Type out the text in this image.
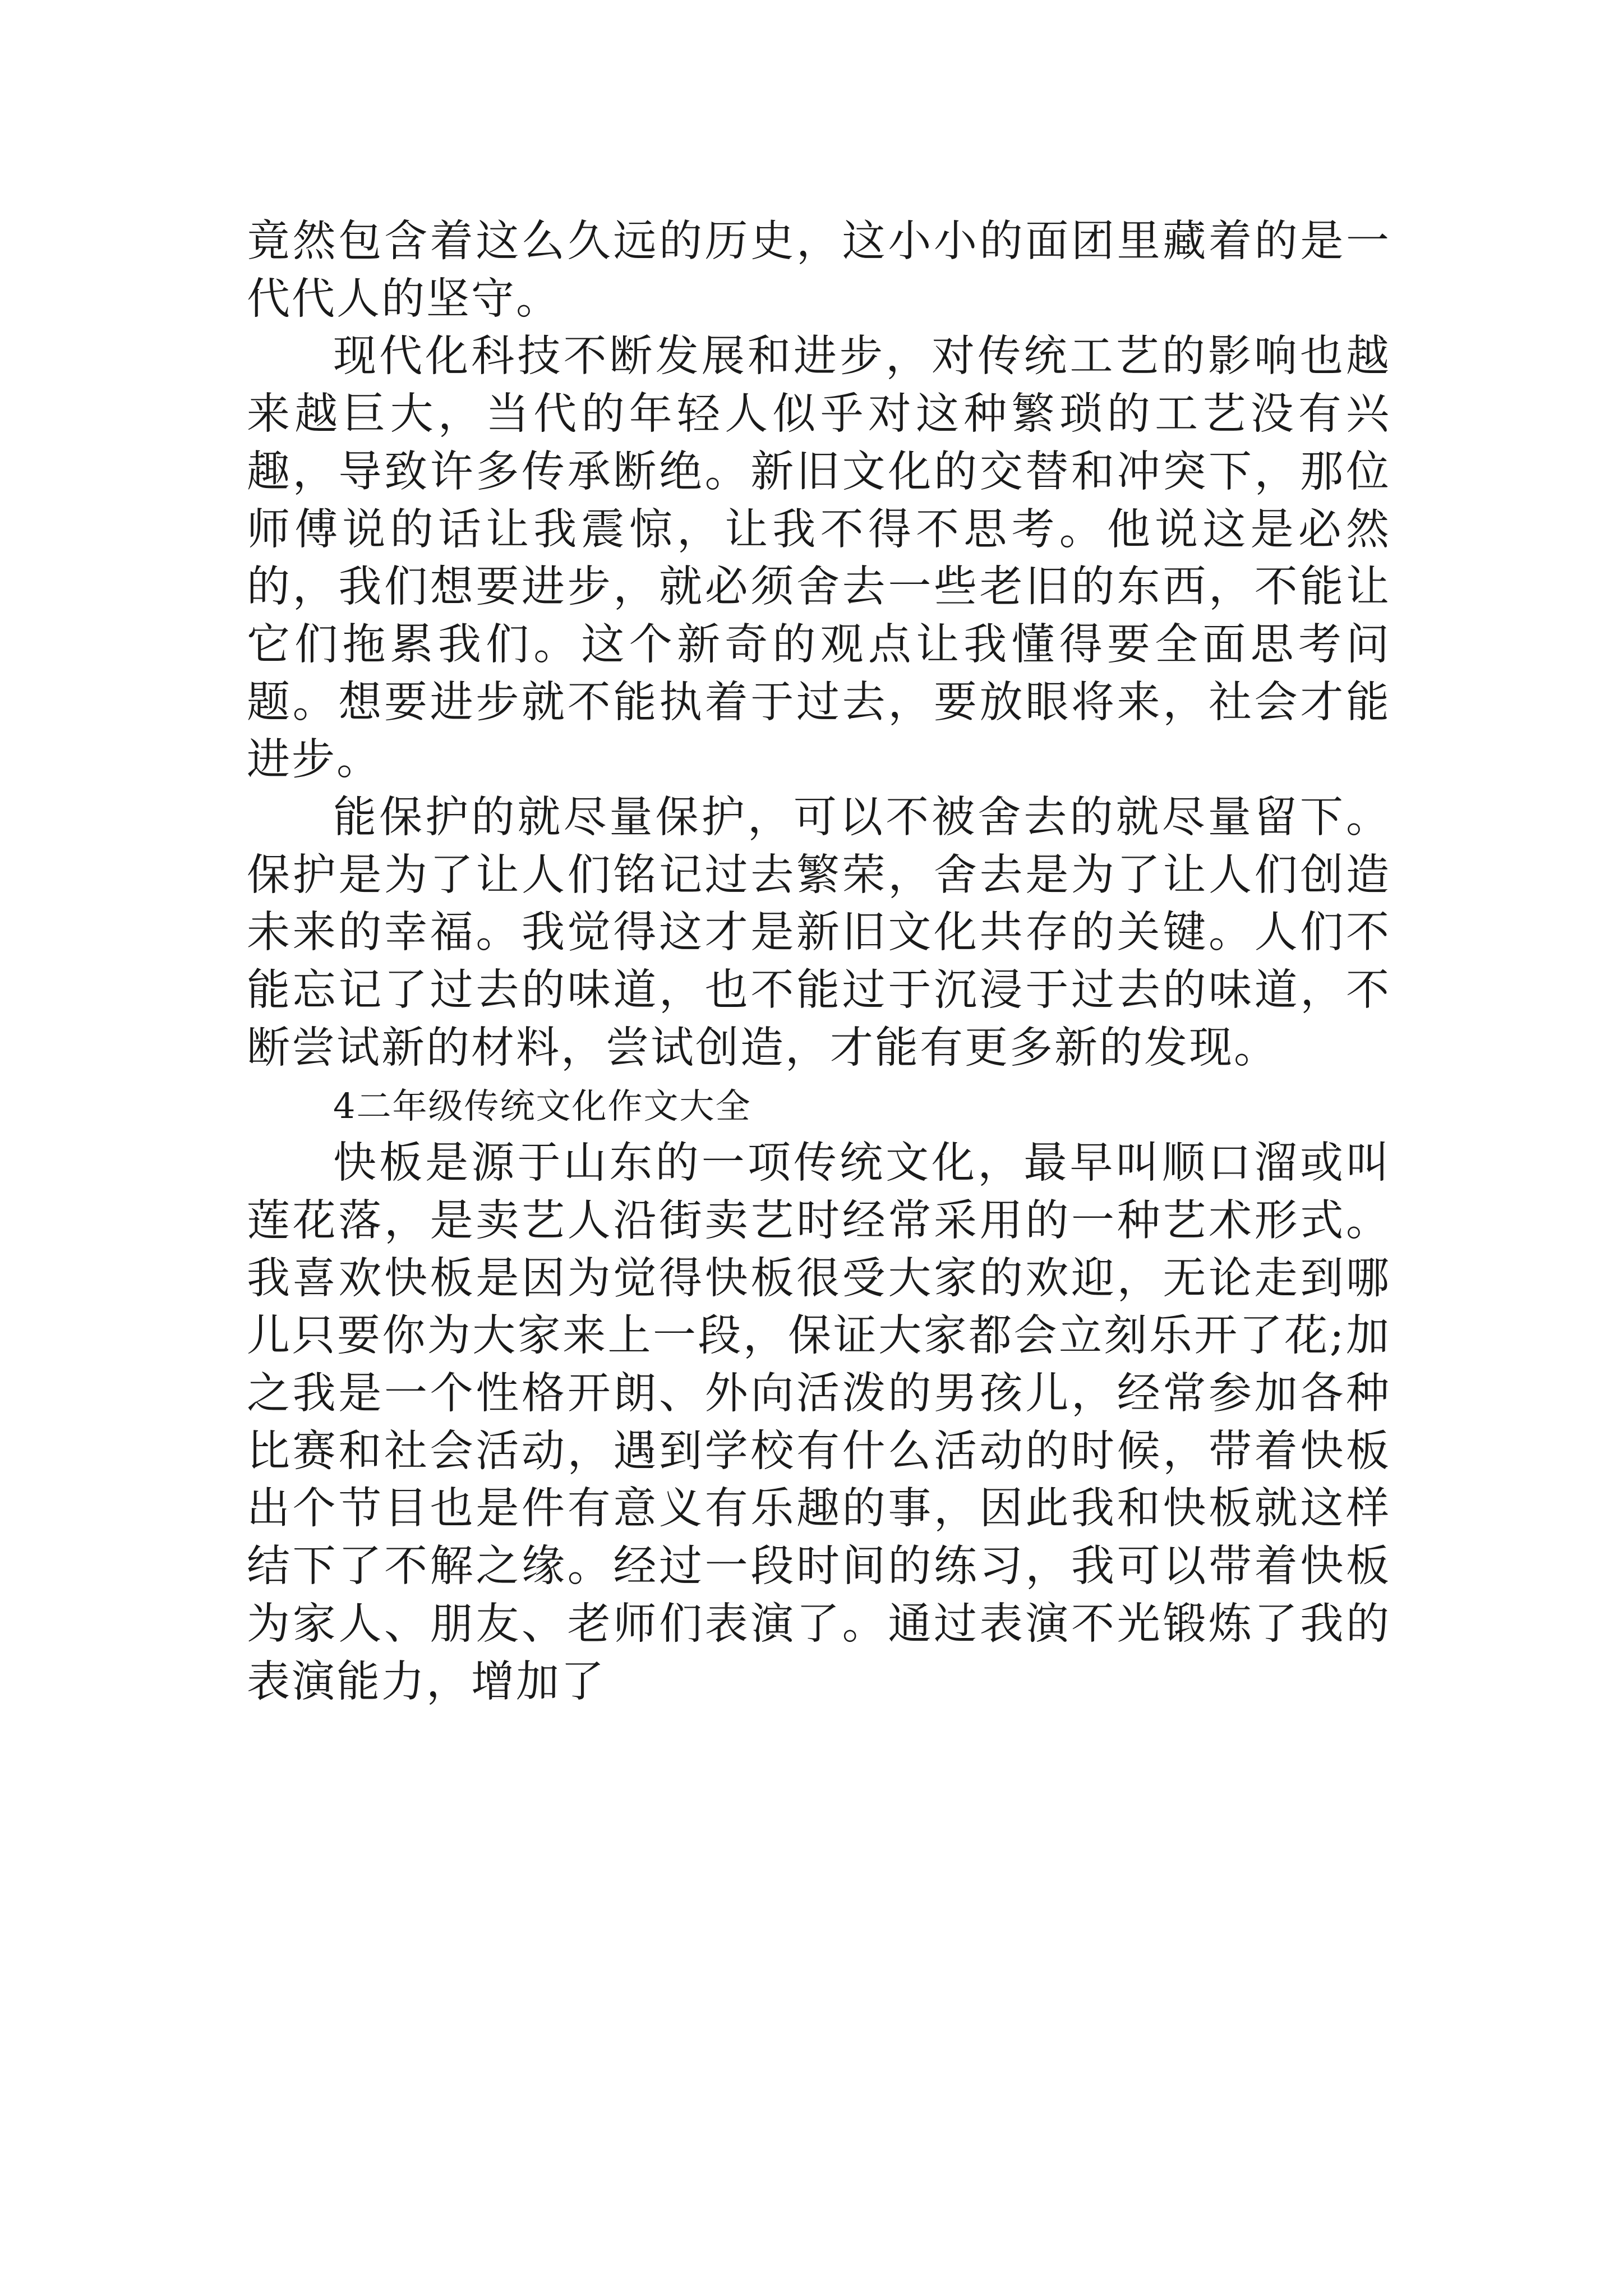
竟然包含着这么久远的历史，这小小的面团里藏着的是一代代人的坚守。

现代化科技不断发展和进步，对传统工艺的影响也越来越巨大，当代的年轻人似乎对这种繁琐的工艺没有兴趣，导致许多传承断绝。新旧文化的交替和冲突下，那位师傅说的话让我震惊，让我不得不思考。他说这是必然的，我们想要进步，就必须舍去一些老旧的东西，不能让它们拖累我们。这个新奇的观点让我懂得要全面思考问题。想要进步就不能执着于过去，要放眼将来，社会才能进步。

能保护的就尽量保护，可以不被舍去的就尽量留下。保护是为了让人们铭记过去繁荣，舍去是为了让人们创造未来的幸福。我觉得这才是新旧文化共存的关键。人们不能忘记了过去的味道，也不能过于沉浸于过去的味道，不断尝试新的材料，尝试创造，才能有更多新的发现。

4二年级传统文化作文大全

快板是源于山东的一项传统文化，最早叫顺口溜或叫莲花落，是卖艺人沿街卖艺时经常采用的一种艺术形式。我喜欢快板是因为觉得快板很受大家的欢迎，无论走到哪儿只要你为大家来上一段，保证大家都会立刻乐开了花;加之我是一个性格开朗、外向活泼的男孩儿，经常参加各种比赛和社会活动，遇到学校有什么活动的时候，带着快板出个节目也是件有意义有乐趣的事，因此我和快板就这样结下了不解之缘。经过一段时间的练习，我可以带着快板为家人、朋友、老师们表演了。通过表演不光锻炼了我的表演能力，增加了
